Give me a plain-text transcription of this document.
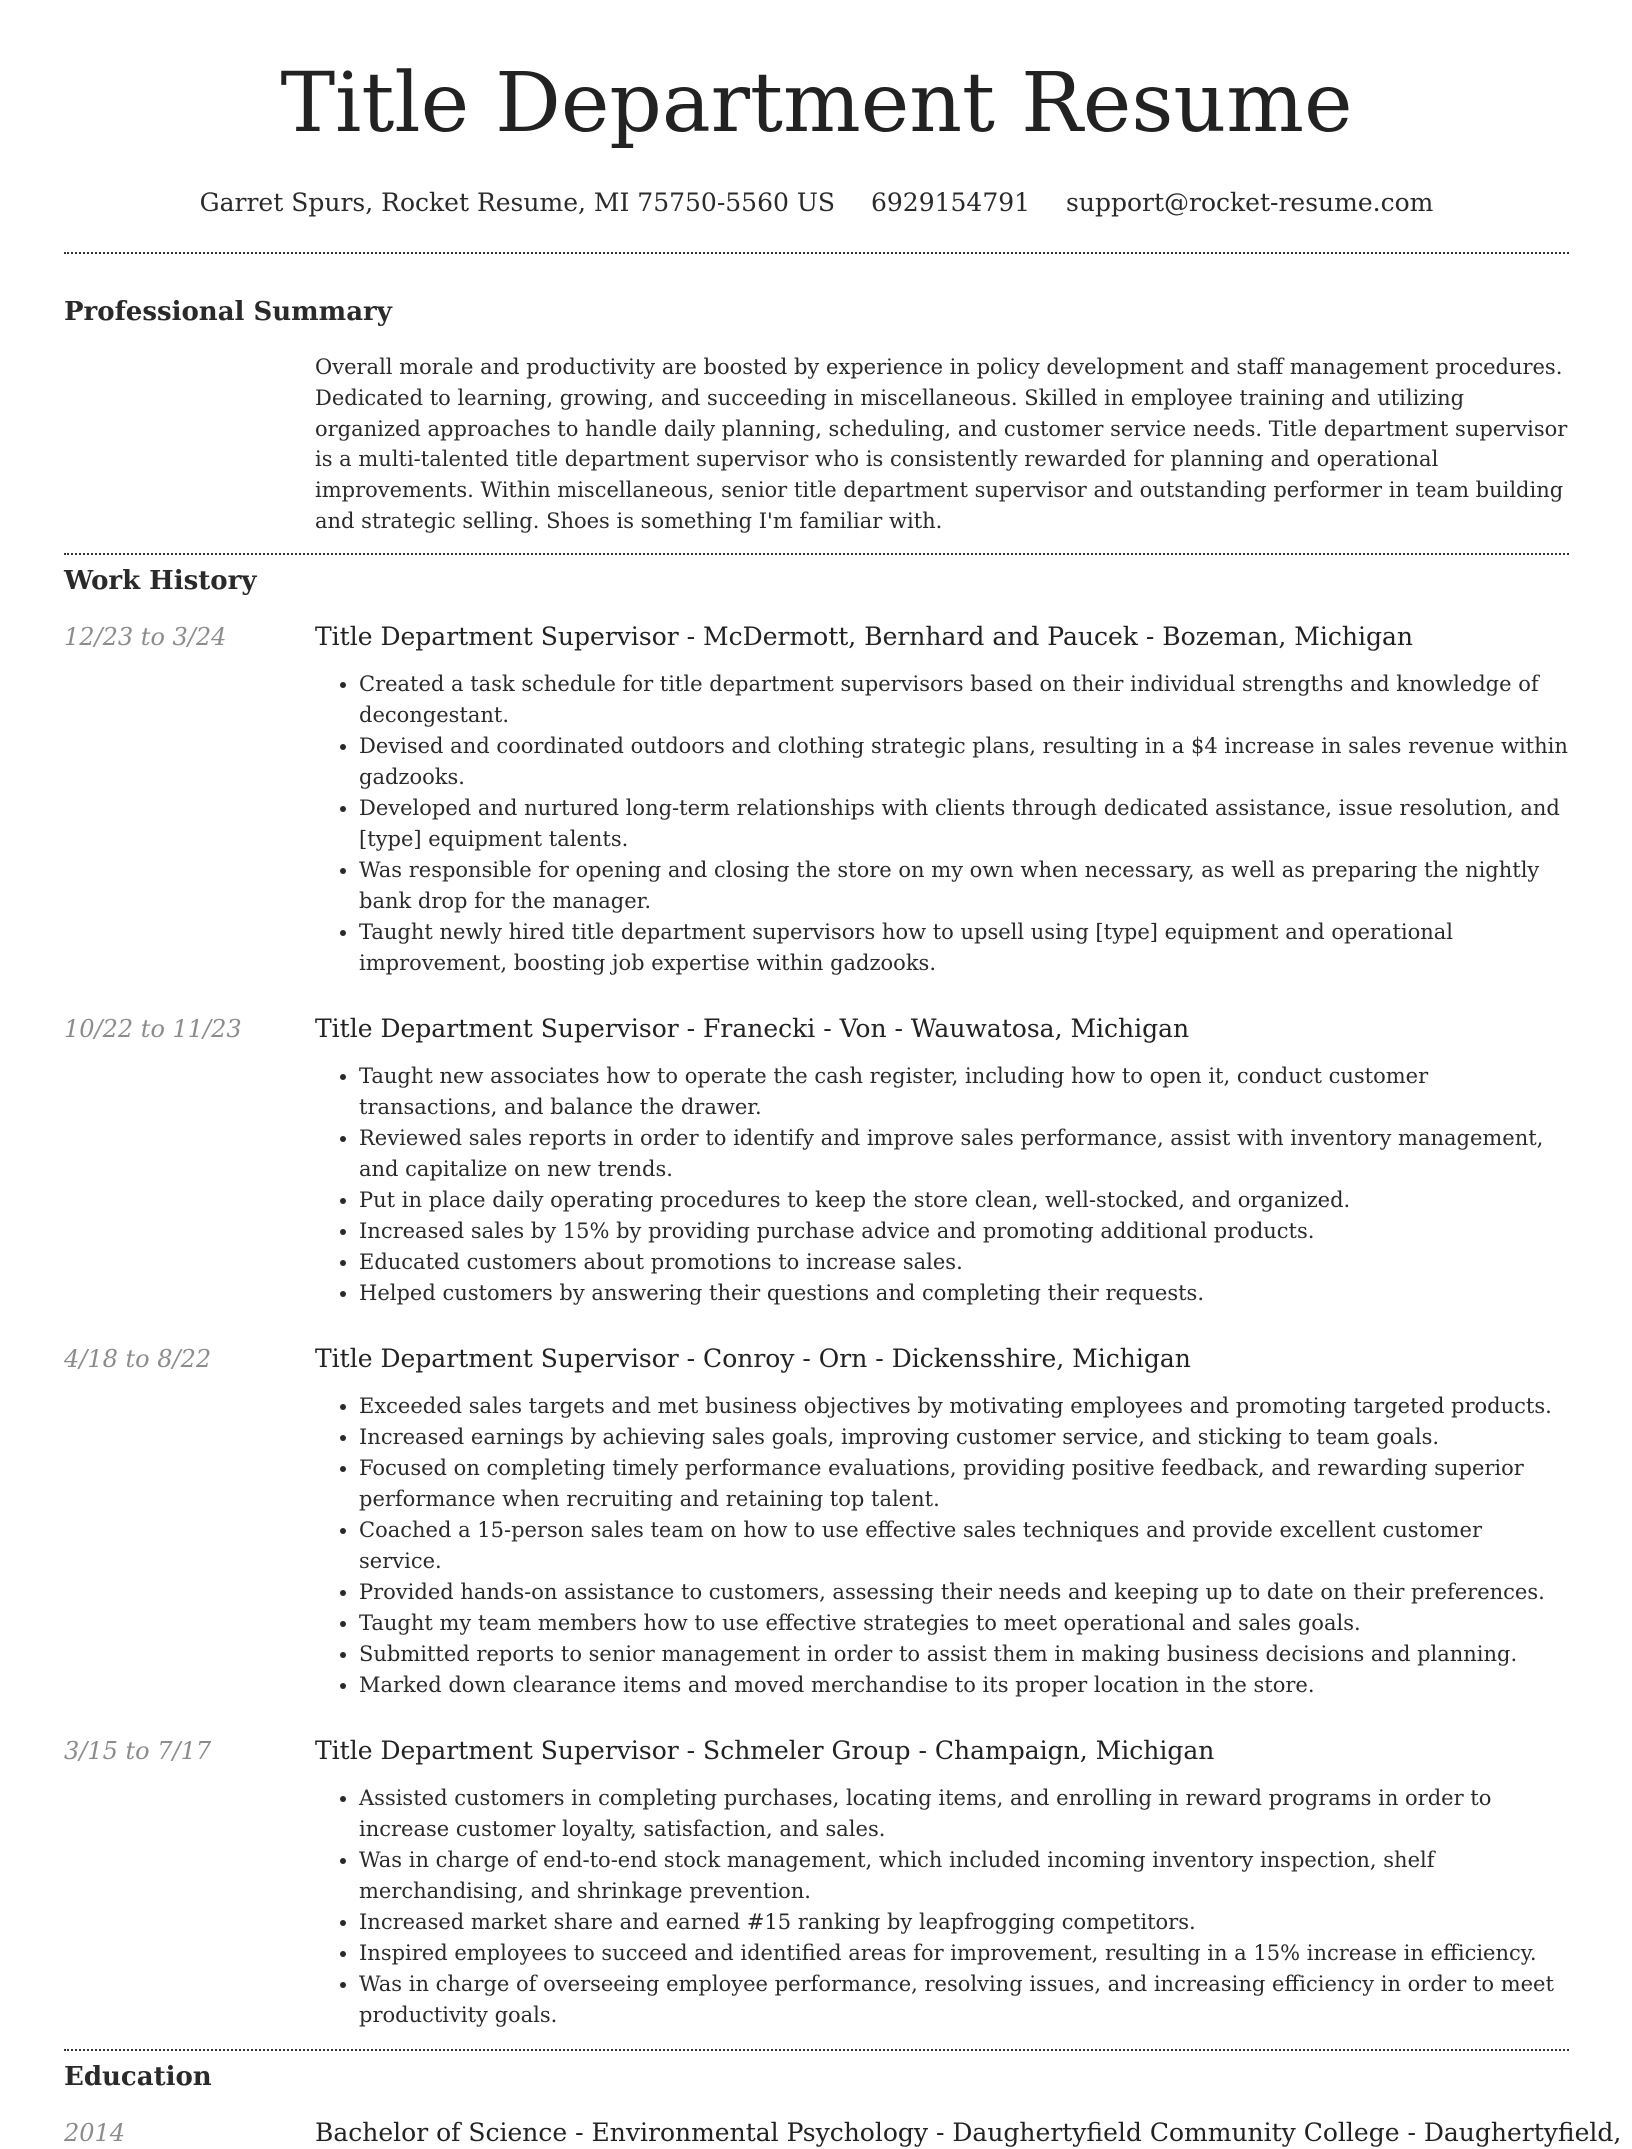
Title Department Resume
Garret Spurs, Rocket Resume, MI 75750-5560 US 6929154791 support@rocket-resume.com
Professional Summary
Overall morale and productivity are boosted by experience in policy development and staff management procedures. Dedicated to learning, growing, and succeeding in miscellaneous. Skilled in employee training and utilizing organized approaches to handle daily planning, scheduling, and customer service needs. Title department supervisor is a multi-talented title department supervisor who is consistently rewarded for planning and operational improvements. Within miscellaneous, senior title department supervisor and outstanding performer in team building and strategic selling. Shoes is something I'm familiar with.
Work History
12/23 to 3/24	Title Department Supervisor - McDermott, Bernhard and Paucek - Bozeman, Michigan
• Created a task schedule for title department supervisors based on their individual strengths and knowledge of decongestant.
• Devised and coordinated outdoors and clothing strategic plans, resulting in a $4 increase in sales revenue within gadzooks.
• Developed and nurtured long-term relationships with clients through dedicated assistance, issue resolution, and [type] equipment talents.
• Was responsible for opening and closing the store on my own when necessary, as well as preparing the nightly bank drop for the manager.
• Taught newly hired title department supervisors how to upsell using [type] equipment and operational improvement, boosting job expertise within gadzooks.
10/22 to 11/23	Title Department Supervisor - Franecki - Von - Wauwatosa, Michigan
• Taught new associates how to operate the cash register, including how to open it, conduct customer transactions, and balance the drawer.
• Reviewed sales reports in order to identify and improve sales performance, assist with inventory management, and capitalize on new trends.
• Put in place daily operating procedures to keep the store clean, well-stocked, and organized.
• Increased sales by 15% by providing purchase advice and promoting additional products.
• Educated customers about promotions to increase sales.
• Helped customers by answering their questions and completing their requests.
4/18 to 8/22	Title Department Supervisor - Conroy - Orn - Dickensshire, Michigan
• Exceeded sales targets and met business objectives by motivating employees and promoting targeted products.
• Increased earnings by achieving sales goals, improving customer service, and sticking to team goals.
• Focused on completing timely performance evaluations, providing positive feedback, and rewarding superior performance when recruiting and retaining top talent.
• Coached a 15-person sales team on how to use effective sales techniques and provide excellent customer service.
• Provided hands-on assistance to customers, assessing their needs and keeping up to date on their preferences.
• Taught my team members how to use effective strategies to meet operational and sales goals.
• Submitted reports to senior management in order to assist them in making business decisions and planning.
• Marked down clearance items and moved merchandise to its proper location in the store.
3/15 to 7/17	Title Department Supervisor - Schmeler Group - Champaign, Michigan
• Assisted customers in completing purchases, locating items, and enrolling in reward programs in order to increase customer loyalty, satisfaction, and sales.
• Was in charge of end-to-end stock management, which included incoming inventory inspection, shelf merchandising, and shrinkage prevention.
• Increased market share and earned #15 ranking by leapfrogging competitors.
• Inspired employees to succeed and identified areas for improvement, resulting in a 15% increase in efficiency.
• Was in charge of overseeing employee performance, resolving issues, and increasing efficiency in order to meet productivity goals.
Education
2014	Bachelor of Science - Environmental Psychology - Daughertyfield Community College - Daughertyfield,
